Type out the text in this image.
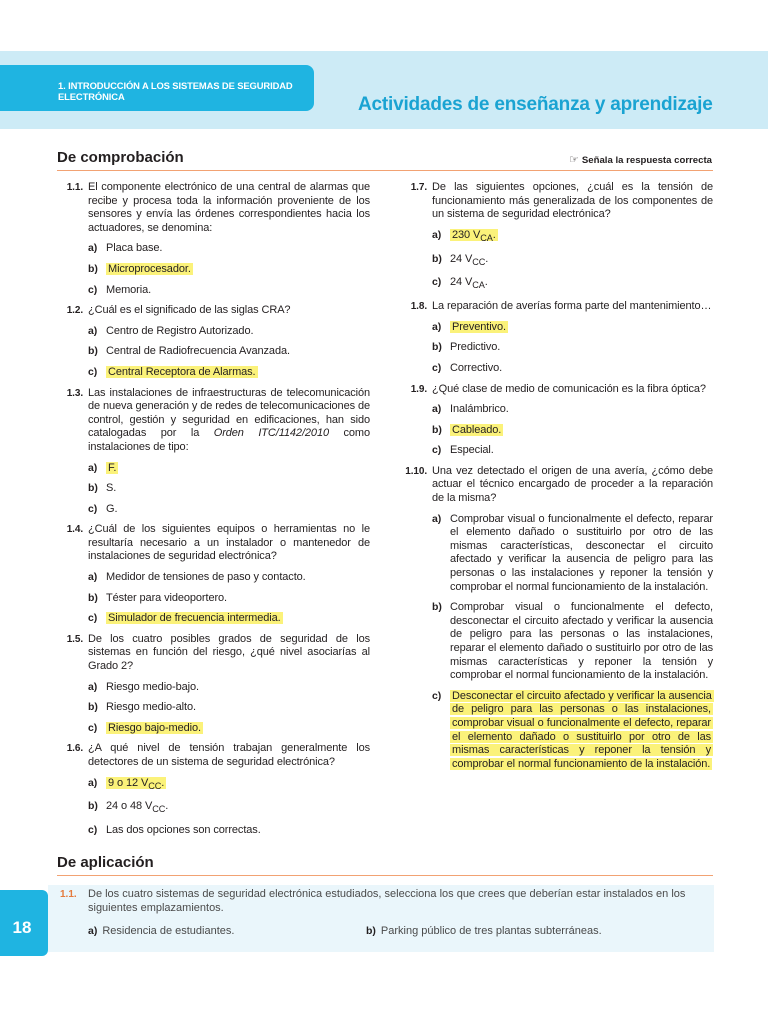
1. INTRODUCCIÓN A LOS SISTEMAS DE SEGURIDAD ELECTRÓNICA	Actividades de enseñanza y aprendizaje
De comprobación	☞ Señala la respuesta correcta
1.1. El componente electrónico de una central de alarmas que recibe y procesa toda la información proveniente de los sensores y envía las órdenes correspondientes hacia los actuadores, se denomina:
a) Placa base.
b) Microprocesador.
c) Memoria.
1.2. ¿Cuál es el significado de las siglas CRA?
a) Centro de Registro Autorizado.
b) Central de Radiofrecuencia Avanzada.
c) Central Receptora de Alarmas.
1.3. Las instalaciones de infraestructuras de telecomunicación de nueva generación y de redes de telecomunicaciones de control, gestión y seguridad en edificaciones, han sido catalogadas por la Orden ITC/1142/2010 como instalaciones de tipo:
a) F.
b) S.
c) G.
1.4. ¿Cuál de los siguientes equipos o herramientas no le resultaría necesario a un instalador o mantenedor de instalaciones de seguridad electrónica?
a) Medidor de tensiones de paso y contacto.
b) Téster para videoportero.
c) Simulador de frecuencia intermedia.
1.5. De los cuatro posibles grados de seguridad de los sistemas en función del riesgo, ¿qué nivel asociarías al Grado 2?
a) Riesgo medio-bajo.
b) Riesgo medio-alto.
c) Riesgo bajo-medio.
1.6. ¿A qué nivel de tensión trabajan generalmente los detectores de un sistema de seguridad electrónica?
a) 9 o 12 $V_{CC}$.
b) 24 o 48 $V_{CC}$.
c) Las dos opciones son correctas.
1.7. De las siguientes opciones, ¿cuál es la tensión de funcionamiento más generalizada de los componentes de un sistema de seguridad electrónica?
a) 230 $V_{CA}$.
b) 24 $V_{CC}$.
c) 24 $V_{CA}$.
1.8. La reparación de averías forma parte del mantenimiento…
a) Preventivo.
b) Predictivo.
c) Correctivo.
1.9. ¿Qué clase de medio de comunicación es la fibra óptica?
a) Inalámbrico.
b) Cableado.
c) Especial.
1.10. Una vez detectado el origen de una avería, ¿cómo debe actuar el técnico encargado de proceder a la reparación de la misma?
a) Comprobar visual o funcionalmente el defecto, reparar el elemento dañado o sustituirlo por otro de las mismas características, desconectar el circuito afectado y verificar la ausencia de peligro para las personas o las instalaciones y reponer la tensión y comprobar el normal funcionamiento de la instalación.
b) Comprobar visual o funcionalmente el defecto, desconectar el circuito afectado y verificar la ausencia de peligro para las personas o las instalaciones, reparar el elemento dañado o sustituirlo por otro de las mismas características y reponer la tensión y comprobar el normal funcionamiento de la instalación.
c) Desconectar el circuito afectado y verificar la ausencia de peligro para las personas o las instalaciones, comprobar visual o funcionalmente el defecto, reparar el elemento dañado o sustituirlo por otro de las mismas características y reponer la tensión y comprobar el normal funcionamiento de la instalación.
De aplicación
1.1.	De los cuatro sistemas de seguridad electrónica estudiados, selecciona los que crees que deberían estar instalados en los siguientes emplazamientos.
a) Residencia de estudiantes.	b) Parking público de tres plantas subterráneas.
18
